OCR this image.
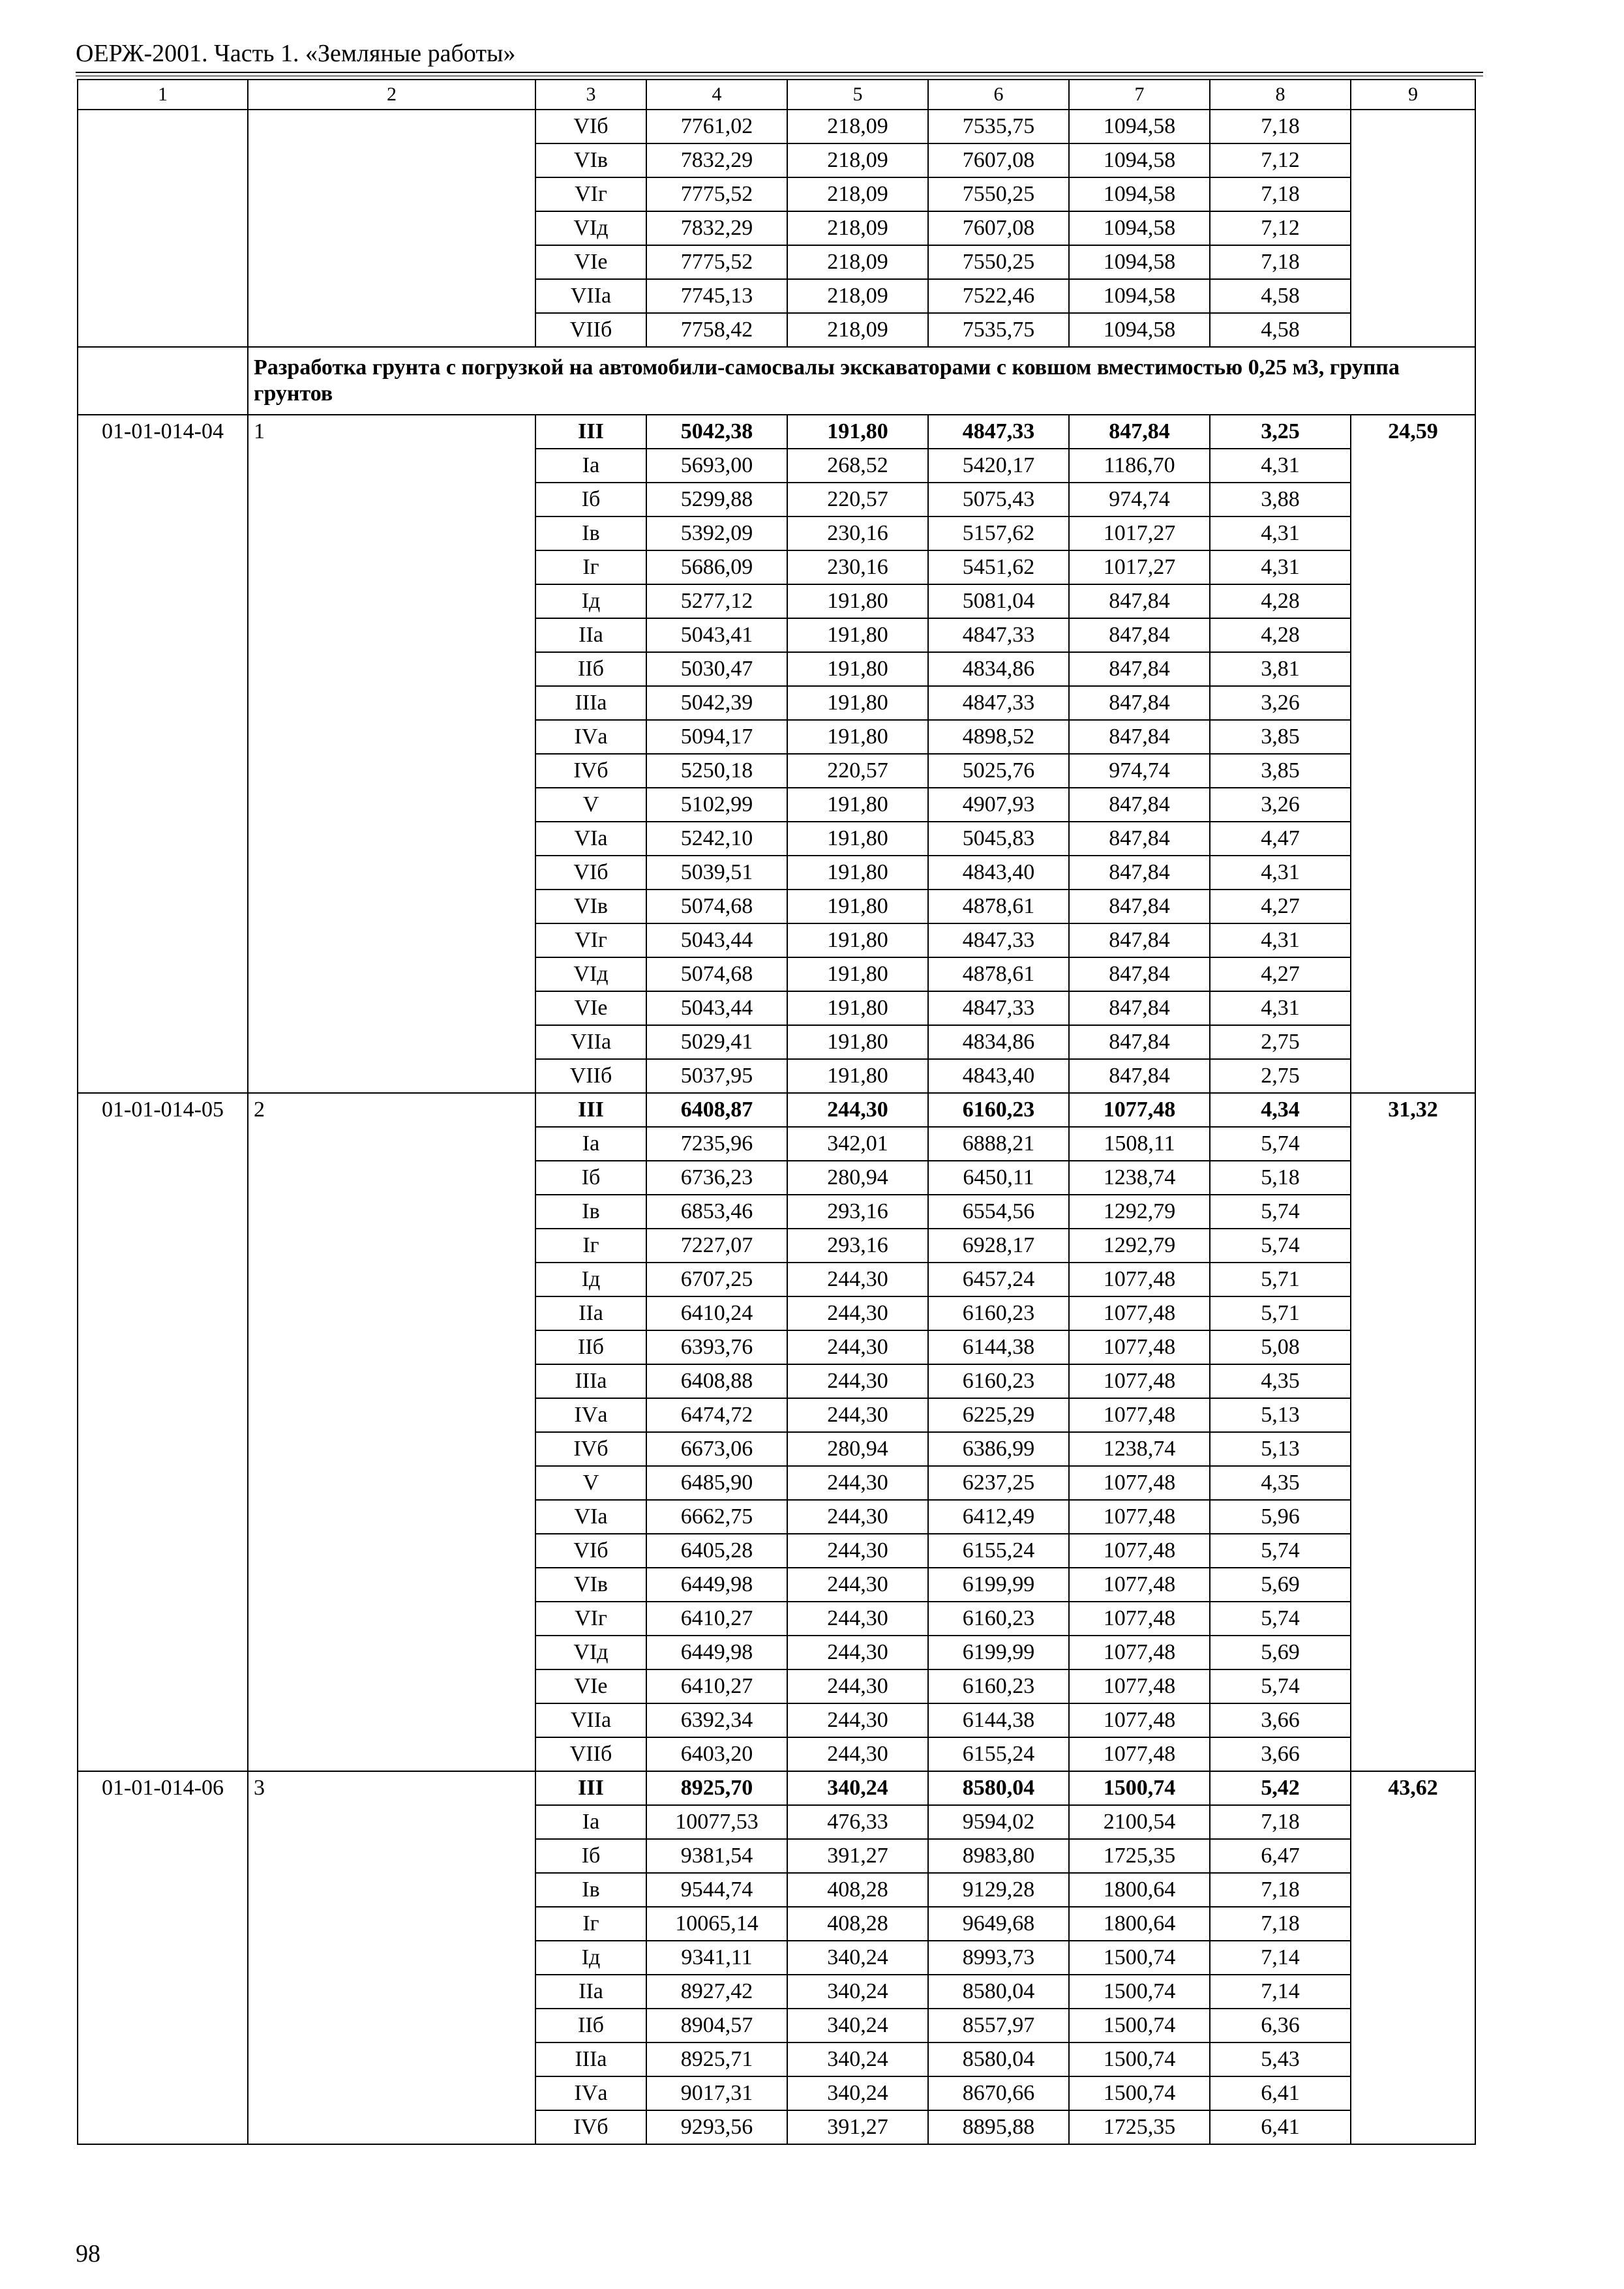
ОЕРЖ-2001. Часть 1. «Земляные работы»
1	2	3	4	5	6	7	8	9
		VIб	7761,02	218,09	7535,75	1094,58	7,18	
		VIв	7832,29	218,09	7607,08	1094,58	7,12	
		VIг	7775,52	218,09	7550,25	1094,58	7,18	
		VIд	7832,29	218,09	7607,08	1094,58	7,12	
		VIе	7775,52	218,09	7550,25	1094,58	7,18	
		VIIа	7745,13	218,09	7522,46	1094,58	4,58	
		VIIб	7758,42	218,09	7535,75	1094,58	4,58	
	Разработка грунта с погрузкой на автомобили-самосвалы экскаваторами с ковшом вместимостью 0,25 м3, группа грунтов							
01-01-014-04	1	III	5042,38	191,80	4847,33	847,84	3,25	24,59
		Iа	5693,00	268,52	5420,17	1186,70	4,31	
		Iб	5299,88	220,57	5075,43	974,74	3,88	
		Iв	5392,09	230,16	5157,62	1017,27	4,31	
		Iг	5686,09	230,16	5451,62	1017,27	4,31	
		Iд	5277,12	191,80	5081,04	847,84	4,28	
		IIа	5043,41	191,80	4847,33	847,84	4,28	
		IIб	5030,47	191,80	4834,86	847,84	3,81	
		IIIа	5042,39	191,80	4847,33	847,84	3,26	
		IVа	5094,17	191,80	4898,52	847,84	3,85	
		IVб	5250,18	220,57	5025,76	974,74	3,85	
		V	5102,99	191,80	4907,93	847,84	3,26	
		VIа	5242,10	191,80	5045,83	847,84	4,47	
		VIб	5039,51	191,80	4843,40	847,84	4,31	
		VIв	5074,68	191,80	4878,61	847,84	4,27	
		VIг	5043,44	191,80	4847,33	847,84	4,31	
		VIд	5074,68	191,80	4878,61	847,84	4,27	
		VIе	5043,44	191,80	4847,33	847,84	4,31	
		VIIа	5029,41	191,80	4834,86	847,84	2,75	
		VIIб	5037,95	191,80	4843,40	847,84	2,75	
01-01-014-05	2	III	6408,87	244,30	6160,23	1077,48	4,34	31,32
		Iа	7235,96	342,01	6888,21	1508,11	5,74	
		Iб	6736,23	280,94	6450,11	1238,74	5,18	
		Iв	6853,46	293,16	6554,56	1292,79	5,74	
		Iг	7227,07	293,16	6928,17	1292,79	5,74	
		Iд	6707,25	244,30	6457,24	1077,48	5,71	
		IIа	6410,24	244,30	6160,23	1077,48	5,71	
		IIб	6393,76	244,30	6144,38	1077,48	5,08	
		IIIа	6408,88	244,30	6160,23	1077,48	4,35	
		IVа	6474,72	244,30	6225,29	1077,48	5,13	
		IVб	6673,06	280,94	6386,99	1238,74	5,13	
		V	6485,90	244,30	6237,25	1077,48	4,35	
		VIа	6662,75	244,30	6412,49	1077,48	5,96	
		VIб	6405,28	244,30	6155,24	1077,48	5,74	
		VIв	6449,98	244,30	6199,99	1077,48	5,69	
		VIг	6410,27	244,30	6160,23	1077,48	5,74	
		VIд	6449,98	244,30	6199,99	1077,48	5,69	
		VIе	6410,27	244,30	6160,23	1077,48	5,74	
		VIIа	6392,34	244,30	6144,38	1077,48	3,66	
		VIIб	6403,20	244,30	6155,24	1077,48	3,66	
01-01-014-06	3	III	8925,70	340,24	8580,04	1500,74	5,42	43,62
		Iа	10077,53	476,33	9594,02	2100,54	7,18	
		Iб	9381,54	391,27	8983,80	1725,35	6,47	
		Iв	9544,74	408,28	9129,28	1800,64	7,18	
		Iг	10065,14	408,28	9649,68	1800,64	7,18	
		Iд	9341,11	340,24	8993,73	1500,74	7,14	
		IIа	8927,42	340,24	8580,04	1500,74	7,14	
		IIб	8904,57	340,24	8557,97	1500,74	6,36	
		IIIа	8925,71	340,24	8580,04	1500,74	5,43	
		IVа	9017,31	340,24	8670,66	1500,74	6,41	
		IVб	9293,56	391,27	8895,88	1725,35	6,41	
98
